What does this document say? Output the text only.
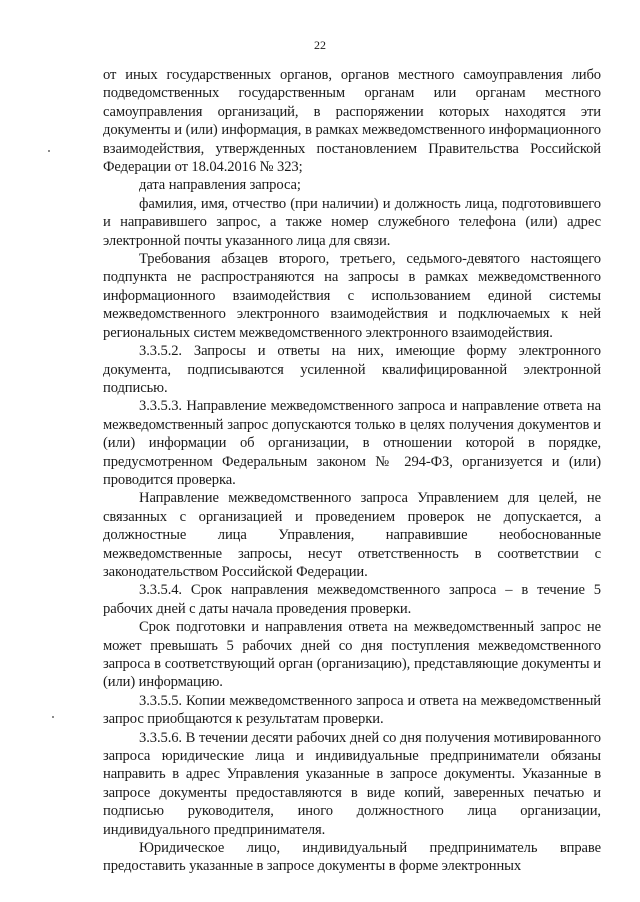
22

от иных государственных органов, органов местного самоуправления либо подведомственных государственным органам или органам местного самоуправления организаций, в распоряжении которых находятся эти документы и (или) информация, в рамках межведомственного информационного взаимодействия, утвержденных постановлением Правительства Российской Федерации от 18.04.2016 № 323;

дата направления запроса;

фамилия, имя, отчество (при наличии) и должность лица, подготовившего и направившего запрос, а также номер служебного телефона (или) адрес электронной почты указанного лица для связи.

Требования абзацев второго, третьего, седьмого-девятого настоящего подпункта не распространяются на запросы в рамках межведомственного информационного взаимодействия с использованием единой системы межведомственного электронного взаимодействия и подключаемых к ней региональных систем межведомственного электронного взаимодействия.

3.3.5.2. Запросы и ответы на них, имеющие форму электронного документа, подписываются усиленной квалифицированной электронной подписью.

3.3.5.3. Направление межведомственного запроса и направление ответа на межведомственный запрос допускаются только в целях получения документов и (или) информации об организации, в отношении которой в порядке, предусмотренном Федеральным законом № 294-ФЗ, организуется и (или) проводится проверка.

Направление межведомственного запроса Управлением для целей, не связанных с организацией и проведением проверок не допускается, а должностные лица Управления, направившие необоснованные межведомственные запросы, несут ответственность в соответствии с законодательством Российской Федерации.

3.3.5.4. Срок направления межведомственного запроса – в течение 5 рабочих дней с даты начала проведения проверки.

Срок подготовки и направления ответа на межведомственный запрос не может превышать 5 рабочих дней со дня поступления межведомственного запроса в соответствующий орган (организацию), представляющие документы и (или) информацию.

3.3.5.5. Копии межведомственного запроса и ответа на межведомственный запрос приобщаются к результатам проверки.

3.3.5.6. В течении десяти рабочих дней со дня получения мотивированного запроса юридические лица и индивидуальные предприниматели обязаны направить в адрес Управления указанные в запросе документы. Указанные в запросе документы предоставляются в виде копий, заверенных печатью и подписью руководителя, иного должностного лица организации, индивидуального предпринимателя.

Юридическое лицо, индивидуальный предприниматель вправе предоставить указанные в запросе документы в форме электронных
